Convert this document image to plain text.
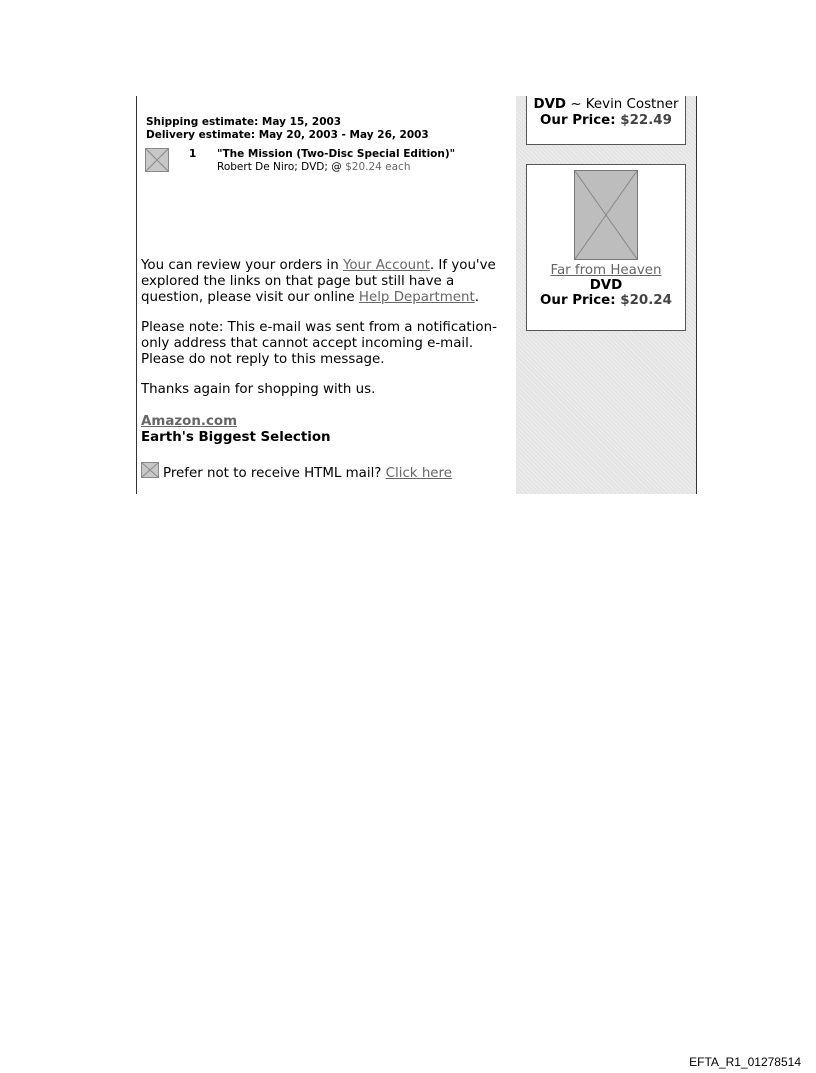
Shipping estimate: May 15, 2003
Delivery estimate: May 20, 2003 - May 26, 2003
1 "The Mission (Two-Disc Special Edition)"
Robert De Niro; DVD; @ $20.24 each
You can review your orders in Your Account. If you've explored the links on that page but still have a question, please visit our online Help Department.
Please note: This e-mail was sent from a notification-only address that cannot accept incoming e-mail. Please do not reply to this message.
Thanks again for shopping with us.
Amazon.com
Earth's Biggest Selection
Prefer not to receive HTML mail? Click here
DVD ~ Kevin Costner
Our Price: $22.49
Far from Heaven
DVD
Our Price: $20.24
EFTA_R1_01278514
